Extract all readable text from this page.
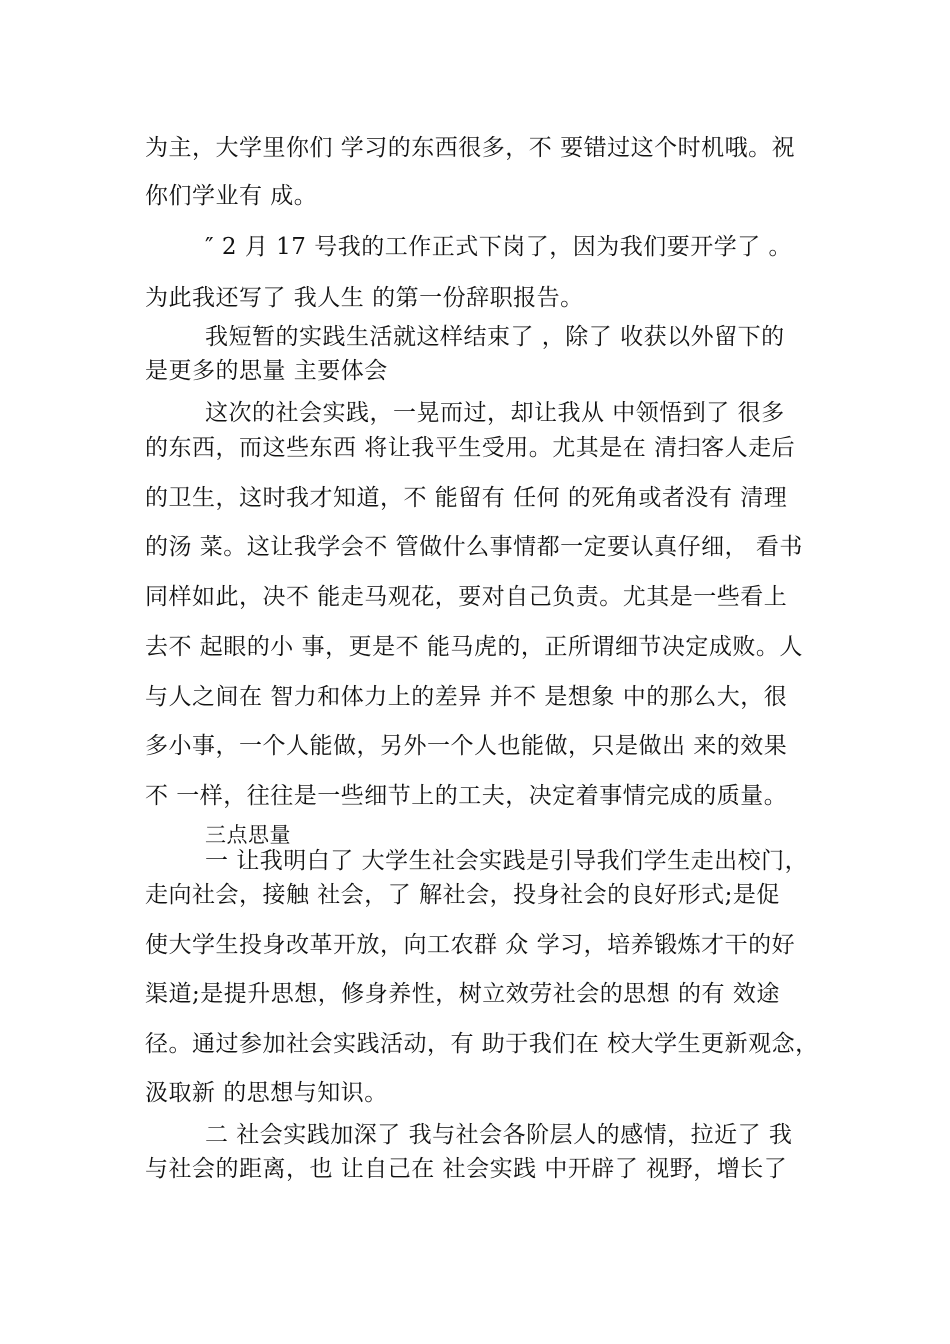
为主，大学里你们 学习的东西很多，不 要错过这个时机哦。祝
你们学业有 成。
″ 2 月 17 号我的工作正式下岗了，因为我们要开学了 。
为此我还写了 我人生 的第一份辞职报告。
我短暂的实践生活就这样结束了 ，除了 收获以外留下的
是更多的思量 主要体会
这次的社会实践，一晃而过，却让我从 中领悟到了 很多
的东西，而这些东西 将让我平生受用。尤其是在 清扫客人走后
的卫生，这时我才知道，不 能留有 任何 的死角或者没有 清理
的汤 菜。这让我学会不 管做什么事情都一定要认真仔细， 看书
同样如此，决不 能走马观花，要对自己负责。尤其是一些看上
去不 起眼的小 事，更是不 能马虎的，正所谓细节决定成败。人
与人之间在 智力和体力上的差异 并不 是想象 中的那么大，很
多小事，一个人能做，另外一个人也能做，只是做出 来的效果
不 一样，往往是一些细节上的工夫，决定着事情完成的质量。
三点思量
一 让我明白了 大学生社会实践是引导我们学生走出校门，
走向社会，接触 社会，了 解社会，投身社会的良好形式;是促
使大学生投身改革开放，向工农群 众 学习，培养锻炼才干的好
渠道;是提升思想，修身养性，树立效劳社会的思想 的有 效途
径。通过参加社会实践活动，有 助于我们在 校大学生更新观念，
汲取新 的思想与知识。
二 社会实践加深了 我与社会各阶层人的感情，拉近了 我
与社会的距离，也 让自己在 社会实践 中开辟了 视野，增长了
